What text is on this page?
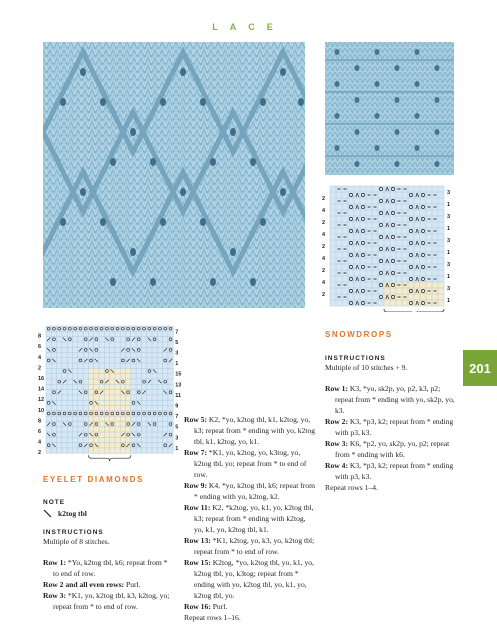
LACE
Λ
Λ	Λ
Λ
Λ	Λ
Λ
Λ	Λ
Λ
Λ	Λ
Λ
Λ	Λ
Λ
Λ	Λ
Λ
Λ	Λ
Λ
Λ	Λ
Λ
Λ	Λ
Λ
Λ	Λ
2
4
2
4
2
4
2
4
2
3
1
3
1
3
1
3
1
3
1
8
6
4
2
16
14
12
10
8
6
4
2
7
5
3
1
15
13
11
9
7
5
3
1
201
EYELET DIAMONDS
NOTE
k2tog tbl
INSTRUCTIONS
Multiple of 8 stitches.
Row 1: *Yo, k2tog tbl, k6; repeat from * to end of row.
Row 2 and all even rows: Purl.
Row 3: *K1, yo, k2tog tbl, k3, k2tog, yo; repeat from * to end of row.
Row 5: K2, *yo, k2tog tbl, k1, k2tog, yo, k3; repeat from * ending with yo, k2tog tbl, k1, k2tog, yo, k1.
Row 7: *K1, yo, k2tog, yo, k3tog, yo, k2tog tbl, yo; repeat from * to end of row.
Row 9: K4, *yo, k2tog tbl, k6; repeat from * ending with yo, k2tog, k2.
Row 11: K2, *k2tog, yo, k1, yo, k2tog tbl, k3; repeat from * ending with k2tog, yo, k1, yo, k2tog tbl, k1.
Row 13: *K1, k2tog, yo, k3, yo, k2tog tbl; repeat from * to end of row.
Row 15: K2tog, *yo, k2tog tbl, yo, k1, yo, k2tog tbl, yo, k3tog; repeat from * ending with yo, k2tog tbl, yo, k1, yo, k2tog tbl, yo.
Row 16: Purl.
Repeat rows 1–16.
SNOWDROPS
INSTRUCTIONS
Multiple of 10 stitches + 9.
Row 1: K3, *yo, sk2p, yo, p2, k3, p2; repeat from * ending with yo, sk2p, yo, k3.
Row 2: K3, *p3, k2; repeat from * ending with p3, k3.
Row 3: K6, *p2, yo, sk2p, yo, p2; repeat from * ending with k6.
Row 4: K3, *p3, k2; repeat from * ending with p3, k3.
Repeat rows 1–4.
